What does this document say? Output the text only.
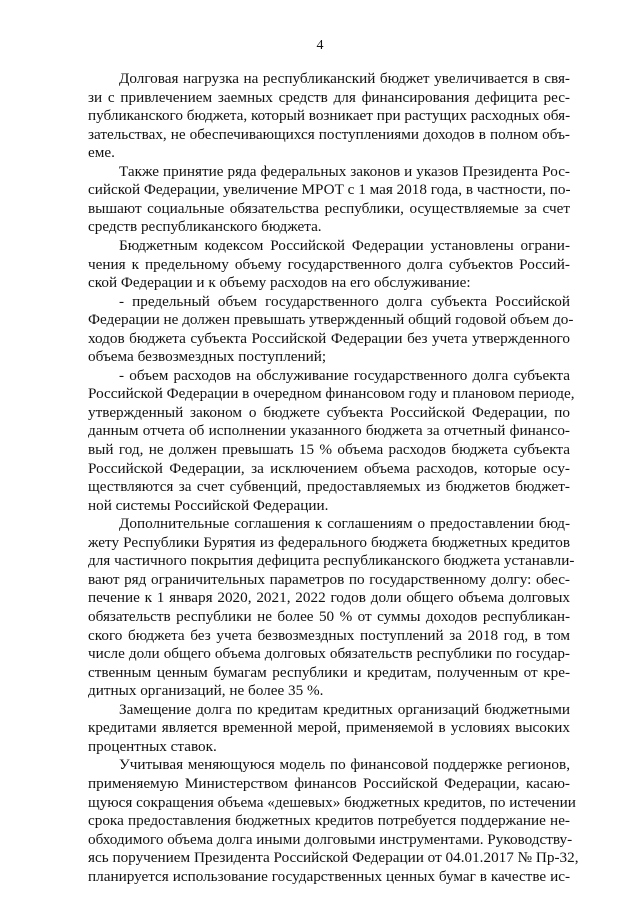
4
Долговая нагрузка на республиканский бюджет увеличивается в свя-
зи с привлечением заемных средств для финансирования дефицита рес-
публиканского бюджета, который возникает при растущих расходных обя-
зательствах, не обеспечивающихся поступлениями доходов в полном объ-
еме.
Также принятие ряда федеральных законов и указов Президента Рос-
сийской Федерации, увеличение МРОТ с 1 мая 2018 года, в частности, по-
вышают социальные обязательства республики, осуществляемые за счет
средств республиканского бюджета.
Бюджетным кодексом Российской Федерации установлены ограни-
чения к предельному объему государственного долга субъектов Россий-
ской Федерации и к объему расходов на его обслуживание:
- предельный объем государственного долга субъекта Российской
Федерации не должен превышать утвержденный общий годовой объем до-
ходов бюджета субъекта Российской Федерации без учета утвержденного
объема безвозмездных поступлений;
- объем расходов на обслуживание государственного долга субъекта
Российской Федерации в очередном финансовом году и плановом периоде,
утвержденный законом о бюджете субъекта Российской Федерации, по
данным отчета об исполнении указанного бюджета за отчетный финансо-
вый год, не должен превышать 15 % объема расходов бюджета субъекта
Российской Федерации, за исключением объема расходов, которые осу-
ществляются за счет субвенций, предоставляемых из бюджетов бюджет-
ной системы Российской Федерации.
Дополнительные соглашения к соглашениям о предоставлении бюд-
жету Республики Бурятия из федерального бюджета бюджетных кредитов
для частичного покрытия дефицита республиканского бюджета устанавли-
вают ряд ограничительных параметров по государственному долгу: обес-
печение к 1 января 2020, 2021, 2022 годов доли общего объема долговых
обязательств республики не более 50 % от суммы доходов республикан-
ского бюджета без учета безвозмездных поступлений за 2018 год, в том
числе доли общего объема долговых обязательств республики по государ-
ственным ценным бумагам республики и кредитам, полученным от кре-
дитных организаций, не более 35 %.
Замещение долга по кредитам кредитных организаций бюджетными
кредитами является временной мерой, применяемой в условиях высоких
процентных ставок.
Учитывая меняющуюся модель по финансовой поддержке регионов,
применяемую Министерством финансов Российской Федерации, касаю-
щуюся сокращения объема «дешевых» бюджетных кредитов, по истечении
срока предоставления бюджетных кредитов потребуется поддержание не-
обходимого объема долга иными долговыми инструментами. Руководству-
ясь поручением Президента Российской Федерации от 04.01.2017 № Пр-32,
планируется использование государственных ценных бумаг в качестве ис-
